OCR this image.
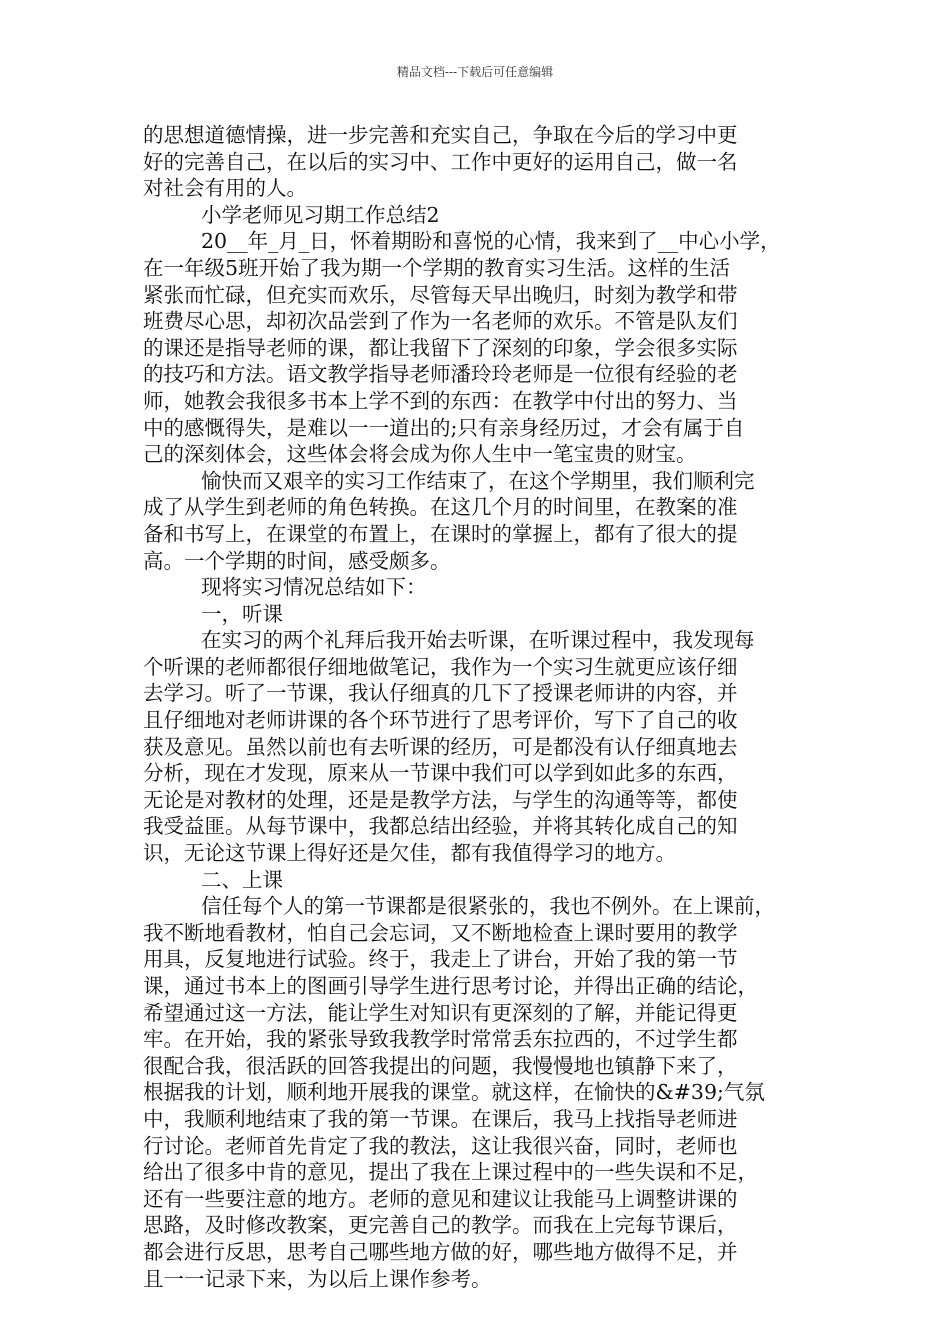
精品文档---下载后可任意编辑
的思想道德情操，进一步完善和充实自己，争取在今后的学习中更
好的完善自己，在以后的实习中、工作中更好的运用自己，做一名
对社会有用的人。
小学老师见习期工作总结2
20__年_月_日，怀着期盼和喜悦的心情，我来到了__中心小学，
在一年级5班开始了我为期一个学期的教育实习生活。这样的生活
紧张而忙碌，但充实而欢乐，尽管每天早出晚归，时刻为教学和带
班费尽心思，却初次品尝到了作为一名老师的欢乐。不管是队友们
的课还是指导老师的课，都让我留下了深刻的印象，学会很多实际
的技巧和方法。语文教学指导老师潘玲玲老师是一位很有经验的老
师，她教会我很多书本上学不到的东西：在教学中付出的努力、当
中的感慨得失，是难以一一道出的;只有亲身经历过，才会有属于自
己的深刻体会，这些体会将会成为你人生中一笔宝贵的财宝。
愉快而又艰辛的实习工作结束了，在这个学期里，我们顺利完
成了从学生到老师的角色转换。在这几个月的时间里，在教案的准
备和书写上，在课堂的布置上，在课时的掌握上，都有了很大的提
高。一个学期的时间，感受颇多。
现将实习情况总结如下：
一，听课
在实习的两个礼拜后我开始去听课，在听课过程中，我发现每
个听课的老师都很仔细地做笔记，我作为一个实习生就更应该仔细
去学习。听了一节课，我认仔细真的几下了授课老师讲的内容，并
且仔细地对老师讲课的各个环节进行了思考评价，写下了自己的收
获及意见。虽然以前也有去听课的经历，可是都没有认仔细真地去
分析，现在才发现，原来从一节课中我们可以学到如此多的东西，
无论是对教材的处理，还是是教学方法，与学生的沟通等等，都使
我受益匪。从每节课中，我都总结出经验，并将其转化成自己的知
识，无论这节课上得好还是欠佳，都有我值得学习的地方。
二、上课
信任每个人的第一节课都是很紧张的，我也不例外。在上课前，
我不断地看教材，怕自己会忘词，又不断地检查上课时要用的教学
用具，反复地进行试验。终于，我走上了讲台，开始了我的第一节
课，通过书本上的图画引导学生进行思考讨论，并得出正确的结论，
希望通过这一方法，能让学生对知识有更深刻的了解，并能记得更
牢。在开始，我的紧张导致我教学时常常丢东拉西的，不过学生都
很配合我，很活跃的回答我提出的问题，我慢慢地也镇静下来了，
根据我的计划，顺利地开展我的课堂。就这样，在愉快的&#39;气氛
中，我顺利地结束了我的第一节课。在课后，我马上找指导老师进
行讨论。老师首先肯定了我的教法，这让我很兴奋，同时，老师也
给出了很多中肯的意见，提出了我在上课过程中的一些失误和不足，
还有一些要注意的地方。老师的意见和建议让我能马上调整讲课的
思路，及时修改教案，更完善自己的教学。而我在上完每节课后，
都会进行反思，思考自己哪些地方做的好，哪些地方做得不足，并
且一一记录下来，为以后上课作参考。
